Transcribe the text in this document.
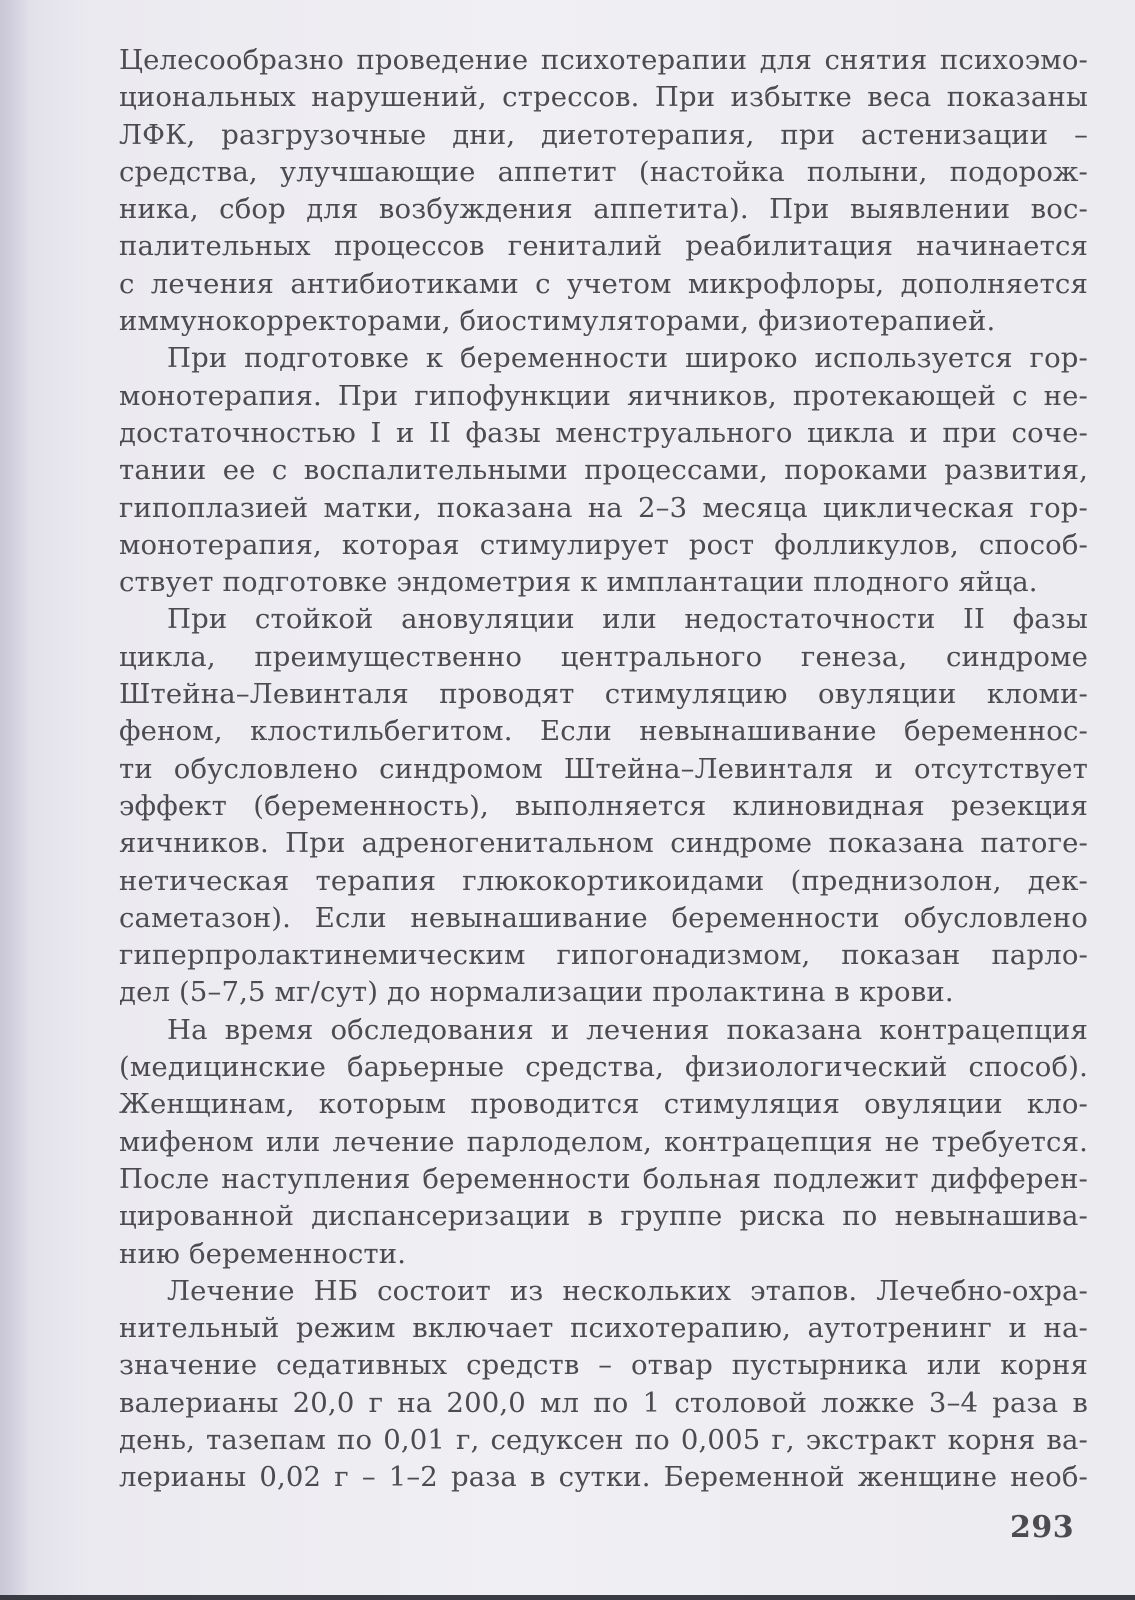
Целесообразно проведение психотерапии для снятия психоэмо-
циональных нарушений, стрессов. При избытке веса показаны
ЛФК, разгрузочные дни, диетотерапия, при астенизации –
средства, улучшающие аппетит (настойка полыни, подорож-
ника, сбор для возбуждения аппетита). При выявлении вос-
палительных процессов гениталий реабилитация начинается
с лечения антибиотиками с учетом микрофлоры, дополняется
иммунокорректорами, биостимуляторами, физиотерапией.

При подготовке к беременности широко используется гор-
монотерапия. При гипофункции яичников, протекающей с не-
достаточностью I и II фазы менструального цикла и при соче-
тании ее с воспалительными процессами, пороками развития,
гипоплазией матки, показана на 2–3 месяца циклическая гор-
монотерапия, которая стимулирует рост фолликулов, способ-
ствует подготовке эндометрия к имплантации плодного яйца.

При стойкой ановуляции или недостаточности II фазы
цикла, преимущественно центрального генеза, синдроме
Штейна–Левинталя проводят стимуляцию овуляции кломи-
феном, клостильбегитом. Если невынашивание беременнос-
ти обусловлено синдромом Штейна–Левинталя и отсутствует
эффект (беременность), выполняется клиновидная резекция
яичников. При адреногенитальном синдроме показана патоге-
нетическая терапия глюкокортикоидами (преднизолон, дек-
саметазон). Если невынашивание беременности обусловлено
гиперпролактинемическим гипогонадизмом, показан парло-
дел (5–7,5 мг/сут) до нормализации пролактина в крови.

На время обследования и лечения показана контрацепция
(медицинские барьерные средства, физиологический способ).
Женщинам, которым проводится стимуляция овуляции кло-
мифеном или лечение парлоделом, контрацепция не требуется.
После наступления беременности больная подлежит дифферен-
цированной диспансеризации в группе риска по невынашива-
нию беременности.

Лечение НБ состоит из нескольких этапов. Лечебно-охра-
нительный режим включает психотерапию, аутотренинг и на-
значение седативных средств – отвар пустырника или корня
валерианы 20,0 г на 200,0 мл по 1 столовой ложке 3–4 раза в
день, тазепам по 0,01 г, седуксен по 0,005 г, экстракт корня ва-
лерианы 0,02 г – 1–2 раза в сутки. Беременной женщине необ-

293
